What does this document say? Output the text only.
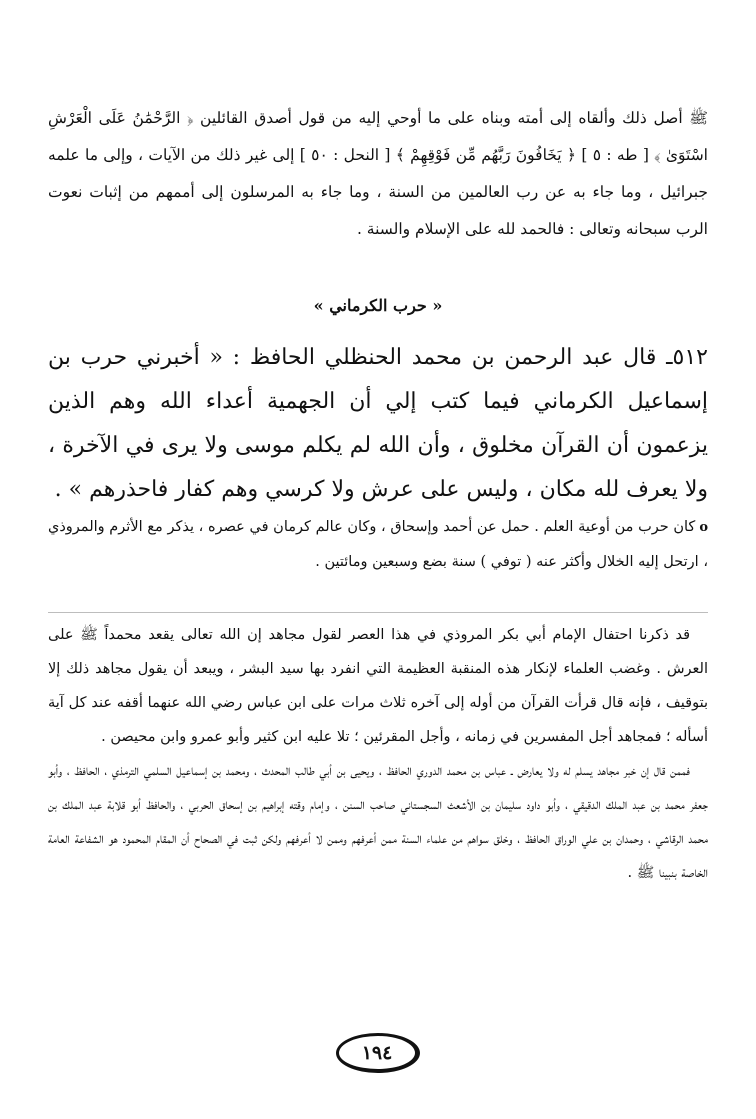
ﷺ أصل ذلك وألقاه إلى أمته وبناه على ما أوحي إليه من قول أصدق القائلين ﴿ الرَّحْمَٰنُ عَلَى الْعَرْشِ اسْتَوَىٰ ﴾ [ طه : ٥ ] ﴿ يَخَافُونَ رَبَّهُم مِّن فَوْقِهِمْ ﴾ [ النحل : ٥٠ ] إلى غير ذلك من الآيات ، وإلى ما علمه جبرائيل ، وما جاء به عن رب العالمين من السنة ، وما جاء به المرسلون إلى أممهم من إثبات نعوت الرب سبحانه وتعالى : فالحمد لله على الإسلام والسنة .

« حرب الكرماني »

٥١٢ـ قال عبد الرحمن بن محمد الحنظلي الحافظ : « أخبرني حرب بن إسماعيل الكرماني فيما كتب إلي أن الجهمية أعداء الله وهم الذين يزعمون أن القرآن مخلوق ، وأن الله لم يكلم موسى ولا يرى في الآخرة ، ولا يعرف لله مكان ، وليس على عرش ولا كرسي وهم كفار فاحذرهم » .

οكان حرب من أوعية العلم . حمل عن أحمد وإسحاق ، وكان عالم كرمان في عصره ، يذكر مع الأثرم والمروذي ، ارتحل إليه الخلال وأكثر عنه ( توفي ) سنة بضع وسبعين ومائتين .

قد ذكرنا احتفال الإمام أبي بكر المروذي في هذا العصر لقول مجاهد إن الله تعالى يقعد محمداً ﷺ على العرش . وغضب العلماء لإنكار هذه المنقبة العظيمة التي انفرد بها سيد البشر ، ويبعد أن يقول مجاهد ذلك إلا بتوقيف ، فإنه قال قرأت القرآن من أوله إلى آخره ثلاث مرات على ابن عباس رضي الله عنهما أقفه عند كل آية أسأله ؛ فمجاهد أجل المفسرين في زمانه ، وأجل المقرئين ؛ تلا عليه ابن كثير وأبو عمرو وابن محيصن .

فممن قال إن خبر مجاهد يسلم له ولا يعارض ـ عباس بن محمد الدوري الحافظ ، ويحيى بن أبي طالب المحدث ، ومحمد بن إسماعيل السلمي الترمذي ، الحافظ ، وأبو جعفر محمد بن عبد الملك الدقيقي ، وأبو داود سليمان بن الأشعث السجستاني صاحب السنن ، وإمام وقته إبراهيم بن إسحاق الحربي ، والحافظ أبو قلابة عبد الملك بن محمد الرقاشي ، وحمدان بن علي الوراق الحافظ ، وخلق سواهم من علماء السنة ممن أعرفهم وممن لا أعرفهم ولكن ثبت في الصحاح أن المقام المحمود هو الشفاعة العامة الخاصة بنبينا ﷺ .

١٩٤
